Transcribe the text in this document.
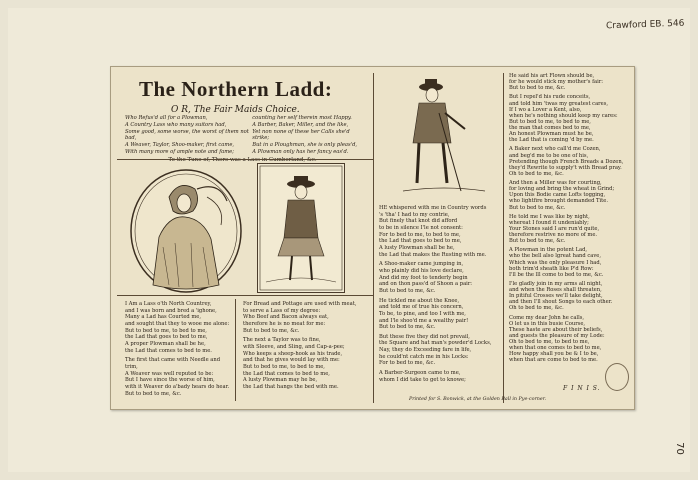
Crawford EB. 546
70
The Northern Ladd:
O R, The Fair Maids Choice.
Who Refus'd all for a Plowman,
A Country Lass who many suitors had,
Some good, some worse, the worst of them not bad,
A Weaver, Taylor, Shoo-maker, first came,
With many more of ample note and fame;
counting her self therein most Happy.
A Barber, Baker, Miller, and the like,
Yet non none of these her Calls she'd strike;
But in a Ploughman, she is only pleas'd,
A Plowman only has her fancy eas'd.

I Am a Lass o'th North Countrey,
and I was born and bred a 'ighone,
Many a Lad has Courted me,
and sought that they to wooe me alone:
But to bed to me, to bed to me,
the Lad that goes to bed to me,
A proper Plowman shall be he,
the Lad that comes to bed to me.

The first that came with Needle and trim,
A Weaver was well reputed to be:
But I have since the worse of him,
with it Weaver do a'bady hears do hear.
But to bed to me, &c.

For Bread and Pottage are used with meat,
to serve a Lass of my degree:
Who Beef and Bacon always eat,
therefore he is no meat for me:
But to bed to me, &c.

The next a Taylor was to fine,
with Sleeve, and Sling, and Cap-a-pee;
Who keeps a sheep-hook as his trade,
and that he gives would lay with me:
But to bed to me, to bed to me,
the Lad that comes to bed to me,
A lusty Plowman may he be,
the Lad that hangs the bed with me.

HE whispered with me in Country words
's 'tha' I had to my contrie,
But finely that knot did afford
to be in silence I'le not consent:
For to bed to me, to bed to me,
the Lad that goes to bed to me,
A lusty Plowman shall be he,
the Lad that makes the Rusting with me.

A Shoo-maker came jumping in,
who plainly did his love declare,
And did my foot to tenderly begin
and on thon pass'd of Shoon a pair:
But to bed to me, &c.

He tickled me about the Knee,
and told me of true his concern,
To be, to pine, and too I with me,
and I'le shoo'd me a wealthy pair!
But to bed to me, &c.

But these five they did not prevail,
the Square and hat man's powder'd Locks,
Nay, they do Exceeding fare in life,
he could'nt catch me in his Locks:
For to bed to me, &c.

A Barber-Surgeon came to me,
whom I did take to get to knowe;

He said his art Flown should be,
for he would stick my mother's fair:
But to bed to me, &c.

But I repel'd his rude conceits,
and told him 'twas my greatest cares,
If I wo a Lover a Kent, also,
when he's nothing should keep my cares:
But to bed to me, to bed to me,
the man that comes bed to me,
An honest Plowman must he be,
the Lad that is coming 'd by me.

A Baker next who call'd me Cozen,
and beg'd me to be one of his,
Pretending though French Breads a Dozen,
they'd Rewrite to supply't with Bread pray.
Oh to bed to me, &c.

And then a Miller was for courting,
for loving and bring the wheat in Grind;
Upon this Bodie came Lofts togging,
who lightfire brought demanded Tite.
But to bed to me, &c.

He told me I was like by night,
whereat I found it undeniably;
Your Stones said I are run'd quite,
therefore restrive no more of me.
But to bed to me, &c.

A Plowman in the potent Lad,
who the bell also lgreat hand cave,
Which was the only pleasure I had,
both trim'd sheath like P'd Row:
I'll be the lll come to bed to me, &c.

I'le gladly join in my arms all night,
and when the Roses shall threaten,
In pitiful Crosses we'll take delight,
and then I'll shout Songs to each other.
Oh to bed to me, &c.

Come my dear John he calls,
O let us in this busie Course,
These haste are about their beliefs,
and guests the pleasure of my Lode:
Oh to bed to me, to bed to me,
when that one comes to bed to me,
How happy shall you be & I to be,
when that are come to bed to me.

F I N I S.
Printed for S. Bonwick, at the Golden Ball in Pye-corner.
